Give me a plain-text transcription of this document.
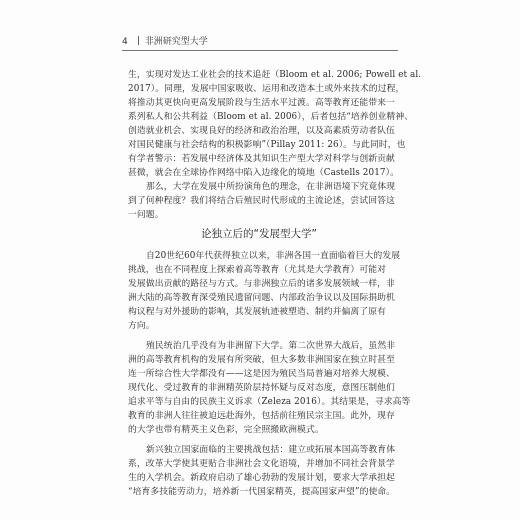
4 非洲研究型大学
生，实现对发达工业社会的技术追赶（Bloom et al. 2006; Powell et al.
2017）。同理，发展中国家吸收、运用和改造本土或外来技术的过程，
将推动其更快向更高发展阶段与生活水平过渡。高等教育还能带来一
系列私人和公共利益（Bloom et al. 2006），后者包括“培养创业精神、
创造就业机会、实现良好的经济和政治治理，以及高素质劳动者队伍
对国民健康与社会结构的积极影响”（Pillay 2011: 26）。与此同时，也
有学者警示：若发展中经济体及其知识生产型大学对科学与创新贡献
甚微，就会在全球协作网络中陷入边缘化的境地（Castells 2017）。
那么，大学在发展中所扮演角色的理念，在非洲语境下究竟体现
到了何种程度？我们将结合后殖民时代形成的主流论述，尝试回答这
一问题。
论独立后的“发展型大学”
自20世纪60年代获得独立以来，非洲各国一直面临着巨大的发展
挑战，也在不同程度上探索着高等教育（尤其是大学教育）可能对
发展做出贡献的路径与方式。与非洲独立后的诸多发展领域一样，非
洲大陆的高等教育深受殖民遗留问题、内部政治争议以及国际捐助机
构议程与对外援助的影响，其发展轨迹被塑造、制约并偏离了原有
方向。
殖民统治几乎没有为非洲留下大学。第二次世界大战后，虽然非
洲的高等教育机构的发展有所突破，但大多数非洲国家在独立时甚至
连一所综合性大学都没有——这是因为殖民当局普遍对培养大规模、
现代化、受过教育的非洲精英阶层持怀疑与反对态度，意图压制他们
追求平等与自由的民族主义诉求（Zeleza 2016）。其结果是，寻求高等
教育的非洲人往往被迫远赴海外，包括前往殖民宗主国。此外，现存
的大学也带有精英主义色彩，完全照搬欧洲模式。
新兴独立国家面临的主要挑战包括：建立或拓展本国高等教育体
系，改革大学使其更贴合非洲社会文化语境，并增加不同社会背景学
生的入学机会。新政府启动了雄心勃勃的发展计划，要求大学承担起
“培育多技能劳动力，培养新一代国家精英，提高国家声望”的使命。
